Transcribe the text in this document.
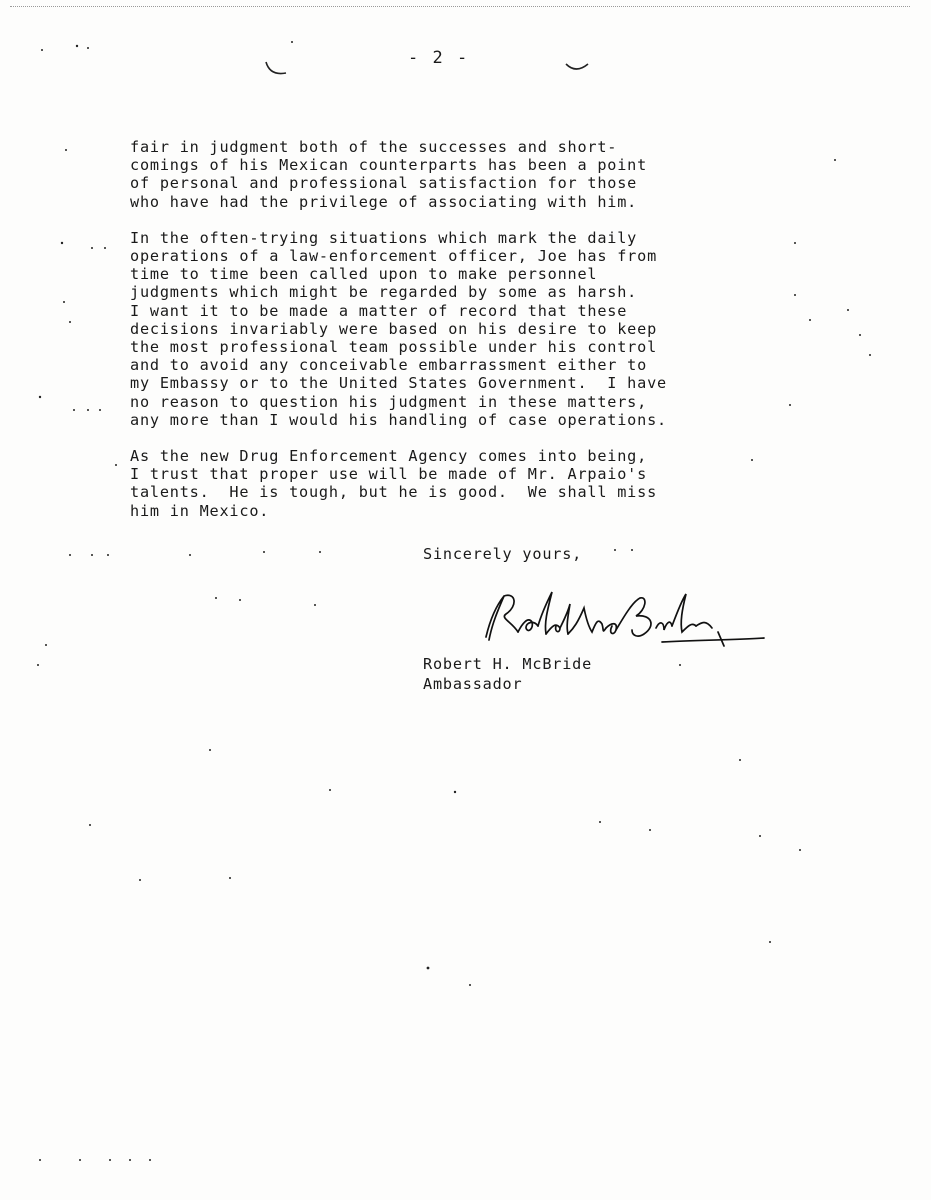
- 2 -

fair in judgment both of the successes and short-
comings of his Mexican counterparts has been a point
of personal and professional satisfaction for those
who have had the privilege of associating with him.

In the often-trying situations which mark the daily
operations of a law-enforcement officer, Joe has from
time to time been called upon to make personnel
judgments which might be regarded by some as harsh.
I want it to be made a matter of record that these
decisions invariably were based on his desire to keep
the most professional team possible under his control
and to avoid any conceivable embarrassment either to
my Embassy or to the United States Government.  I have
no reason to question his judgment in these matters,
any more than I would his handling of case operations.

As the new Drug Enforcement Agency comes into being,
I trust that proper use will be made of Mr. Arpaio's
talents.  He is tough, but he is good.  We shall miss
him in Mexico.

Sincerely yours,
Robert H. McBride
Ambassador
